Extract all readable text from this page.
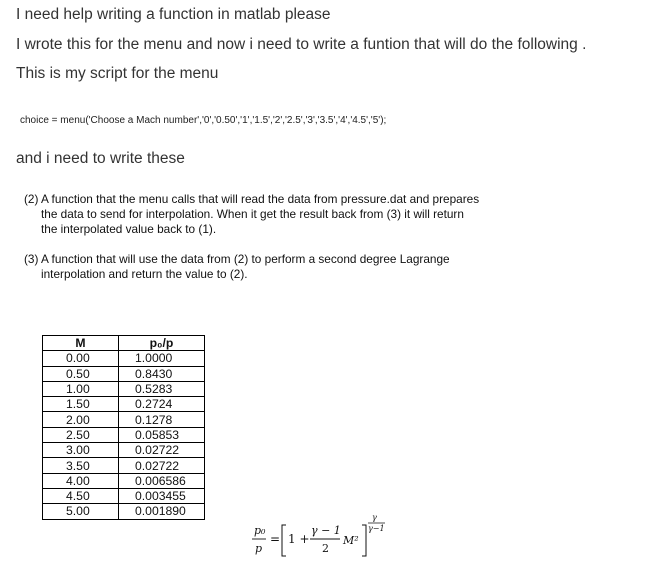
I need help writing a function in matlab please
I wrote this for the menu and now i need to write a funtion that will do the following .
This is my script for the menu
choice = menu('Choose a Mach number','0','0.50','1','1.5','2','2.5','3','3.5','4','4.5','5');
and i need to write these
(2) A function that the menu calls that will read the data from pressure.dat and prepares
the data to send for interpolation. When it get the result back from (3) it will return
the interpolated value back to (1).
(3) A function that will use the data from (2) to perform a second degree Lagrange
interpolation and return the value to (2).
M	p₀/p
0.00	1.0000
0.50	0.8430
1.00	0.5283
1.50	0.2724
2.00	0.1278
2.50	0.05853
3.00	0.02722
3.50	0.02722
4.00	0.006586
4.50	0.003455
5.00	0.001890
p₀
p
= 1 +
γ − 1
2
M²
γ
γ−1
